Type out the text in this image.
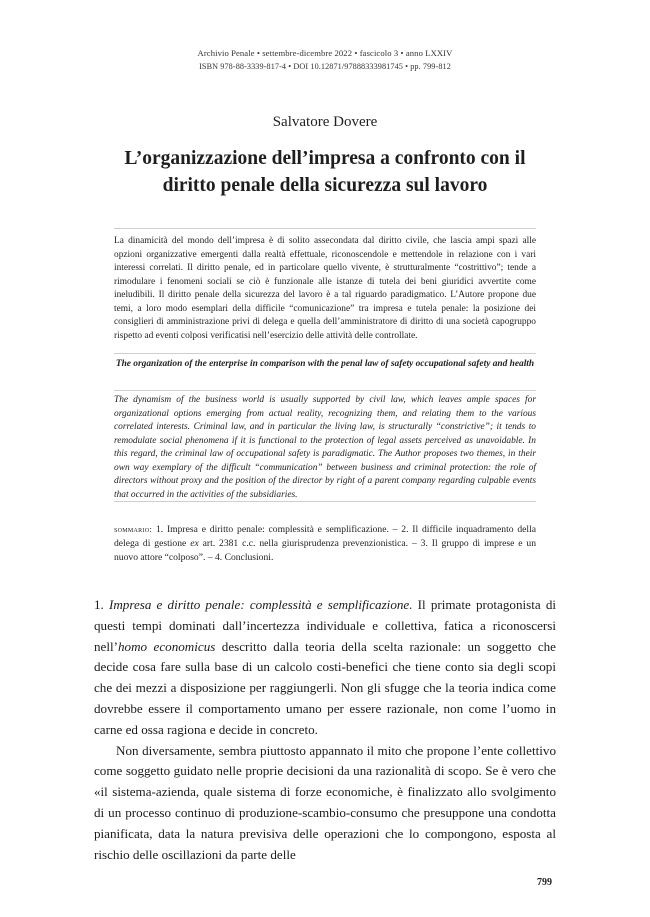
Archivio Penale • settembre-dicembre 2022 • fascicolo 3 • anno LXXIV
ISBN 978-88-3339-817-4 • DOI 10.12871/97888333981745 • pp. 799-812
Salvatore Dovere
L’organizzazione dell’impresa a confronto con il
diritto penale della sicurezza sul lavoro

La dinamicità del mondo dell’impresa è di solito assecondata dal diritto civile, che lascia ampi spazi alle opzioni organizzative emergenti dalla realtà effettuale, riconoscendole e mettendole in relazione con i vari interessi correlati. Il diritto penale, ed in particolare quello vivente, è strutturalmente “costrittivo”; tende a rimodulare i fenomeni sociali se ciò è funzionale alle istanze di tutela dei beni giuridici avvertite come ineludibili. Il diritto penale della sicurezza del lavoro è a tal riguardo paradigmatico. L’Autore propone due temi, a loro modo esemplari della difficile “comunicazione” tra impresa e tutela penale: la posizione dei consiglieri di amministrazione privi di delega e quella dell’amministratore di diritto di una società capogruppo rispetto ad eventi colposi verificatisi nell’esercizio delle attività delle controllate.

The organization of the enterprise in comparison with the penal law of safety occupational safety and health

The dynamism of the business world is usually supported by civil law, which leaves ample spaces for organizational options emerging from actual reality, recognizing them, and relating them to the various correlated interests. Criminal law, and in particular the living law, is structurally “constrictive”; it tends to remodulate social phenomena if it is functional to the protection of legal assets perceived as unavoidable. In this regard, the criminal law of occupational safety is paradigmatic. The Author proposes two themes, in their own way exemplary of the difficult “communication” between business and criminal protection: the role of directors without proxy and the position of the director by right of a parent company regarding culpable events that occurred in the activities of the subsidiaries.

sommario: 1. Impresa e diritto penale: complessità e semplificazione. – 2. Il difficile inquadramento della delega di gestione ex art. 2381 c.c. nella giurisprudenza prevenzionistica. – 3. Il gruppo di imprese e un nuovo attore “colposo”. – 4. Conclusioni.

1. Impresa e diritto penale: complessità e semplificazione. Il primate protagonista di questi tempi dominati dall’incertezza individuale e collettiva, fatica a riconoscersi nell’homo economicus descritto dalla teoria della scelta razionale: un soggetto che decide cosa fare sulla base di un calcolo costi-benefici che tiene conto sia degli scopi che dei mezzi a disposizione per raggiungerli. Non gli sfugge che la teoria indica come dovrebbe essere il comportamento umano per essere razionale, non come l’uomo in carne ed ossa ragiona e decide in concreto.

Non diversamente, sembra piuttosto appannato il mito che propone l’ente collettivo come soggetto guidato nelle proprie decisioni da una razionalità di scopo. Se è vero che «il sistema-azienda, quale sistema di forze economiche, è finalizzato allo svolgimento di un processo continuo di produzione-scambio-consumo che presuppone una condotta pianificata, data la natura previsiva delle operazioni che lo compongono, esposta al rischio delle oscillazioni da parte delle

799
